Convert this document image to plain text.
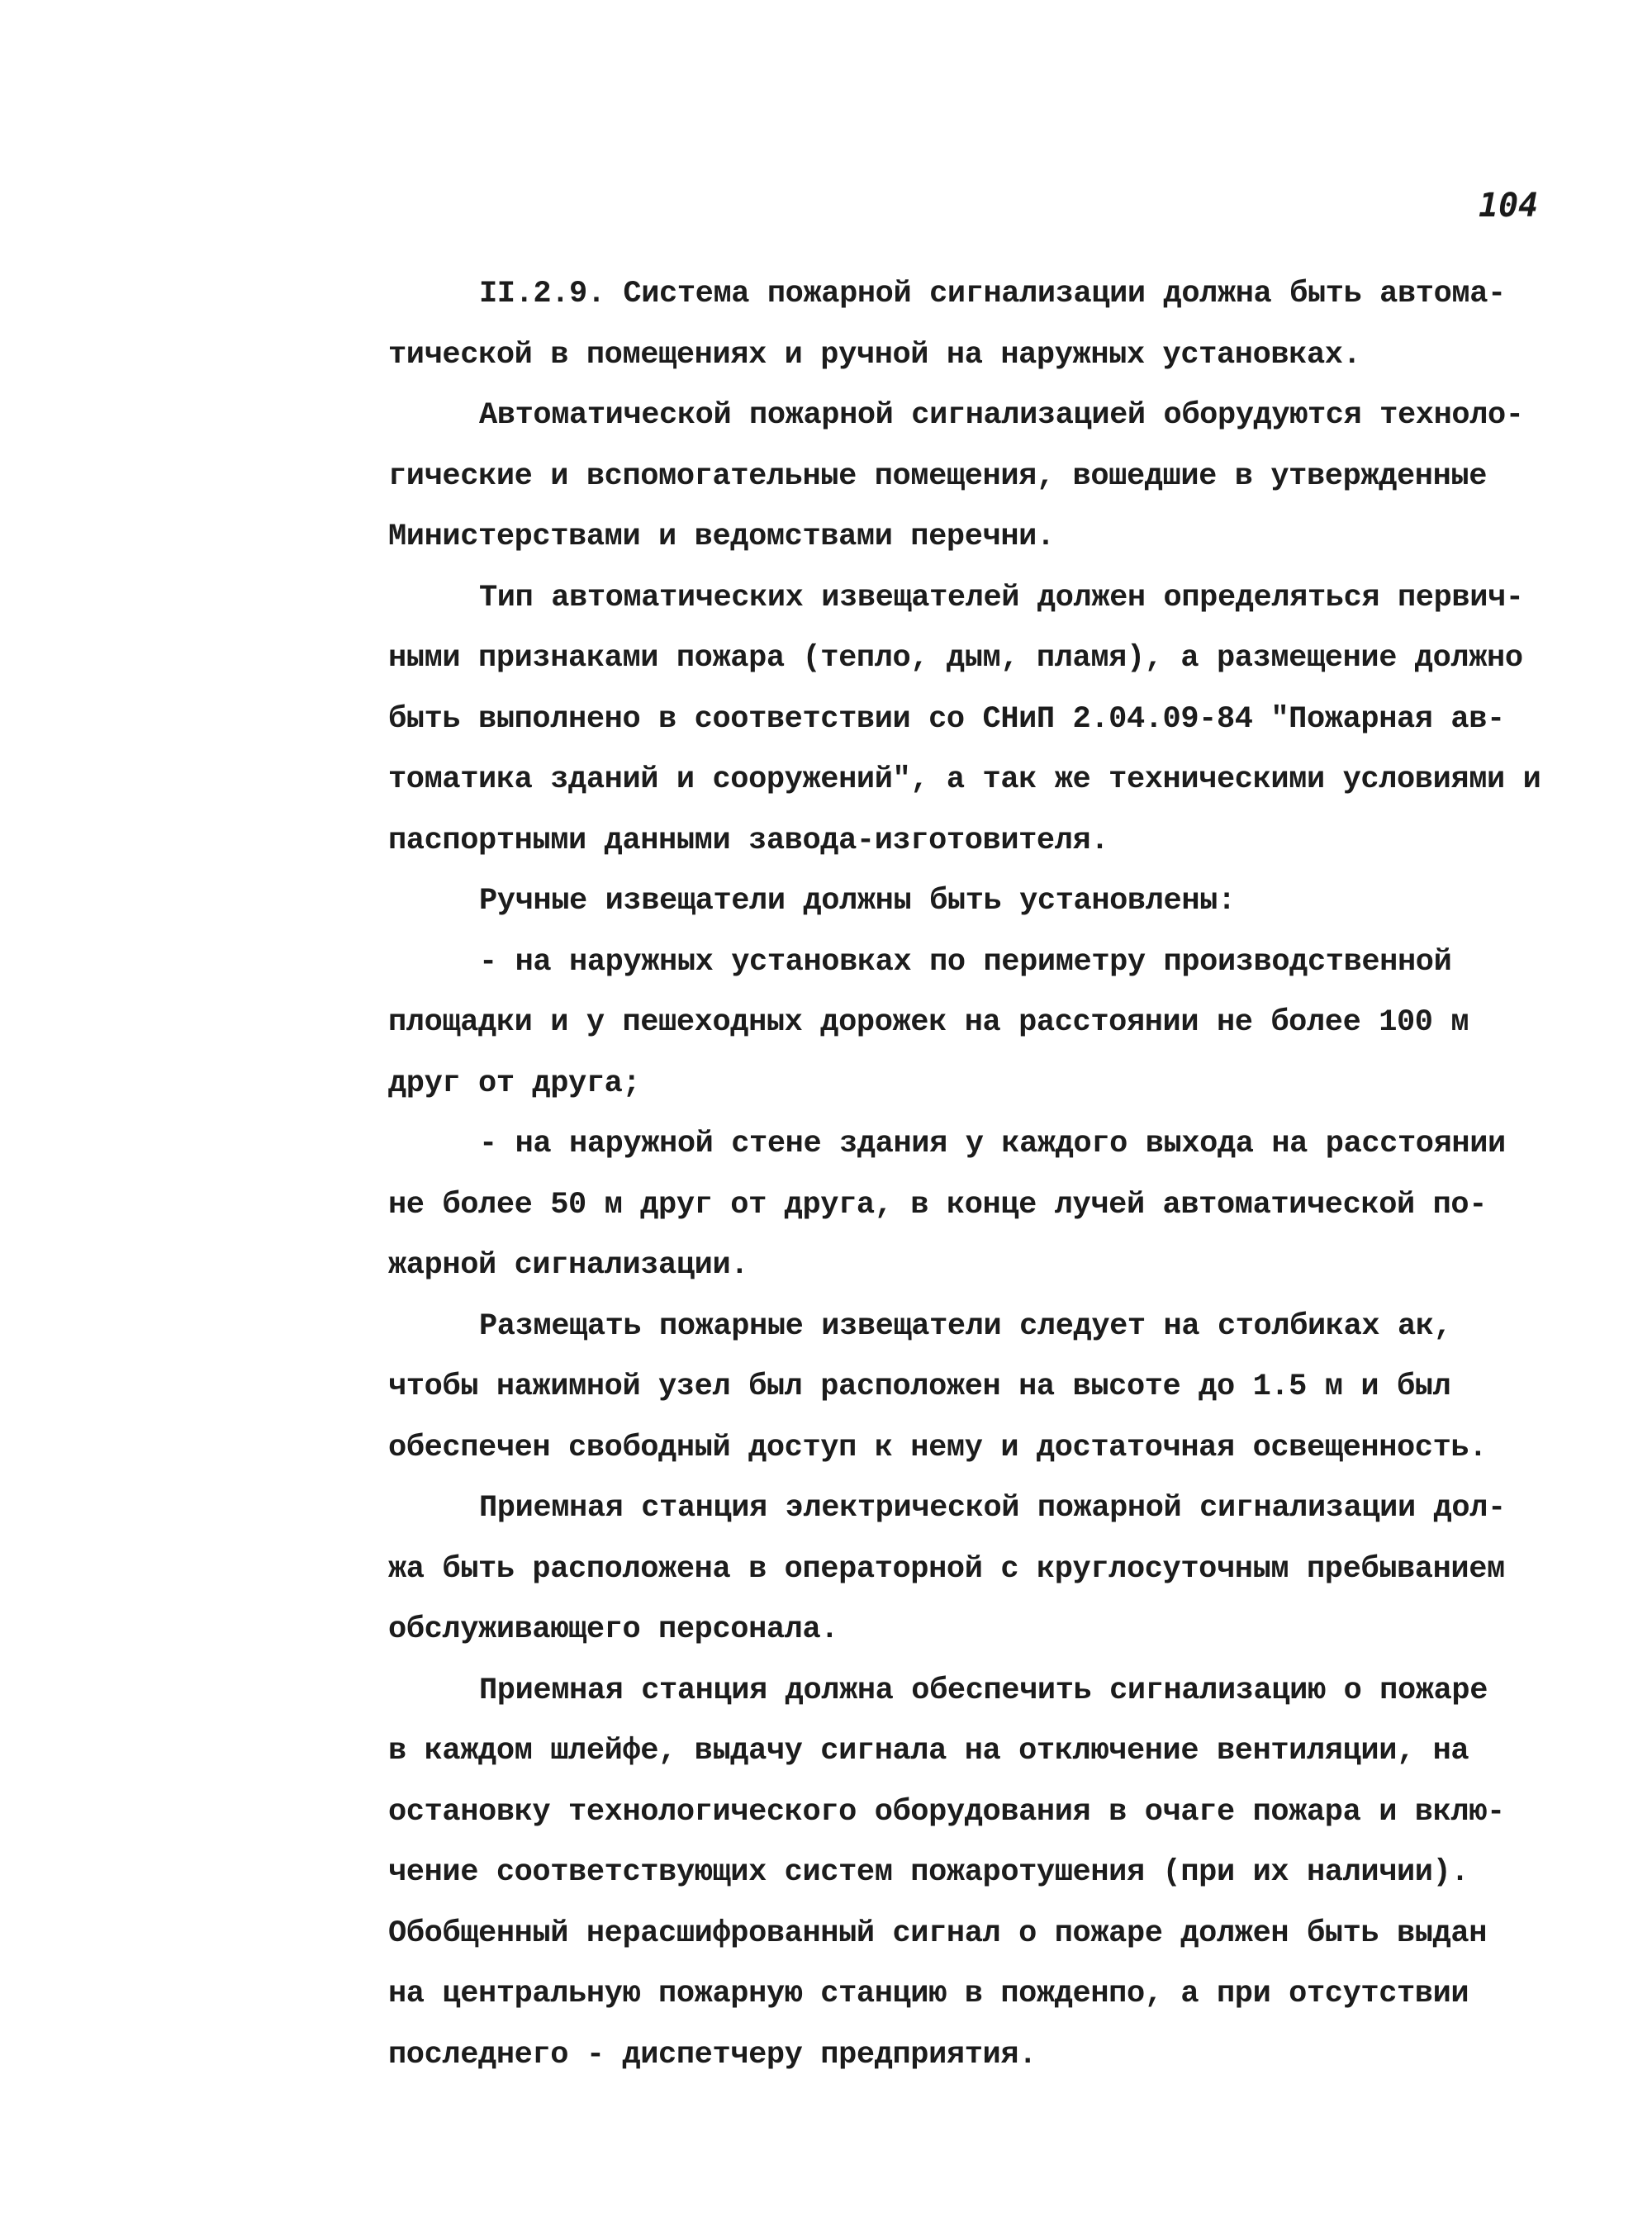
104
II.2.9. Система пожарной сигнализации должна быть автома-
тической в помещениях и ручной на наружных установках.
Автоматической пожарной сигнализацией оборудуются техноло-
гические и вспомогательные помещения, вошедшие в утвержденные
Министерствами и ведомствами перечни.
Тип автоматических извещателей должен определяться первич-
ными признаками пожара (тепло, дым, пламя), а размещение должно
быть выполнено в соответствии со СНиП 2.04.09-84 "Пожарная ав-
томатика зданий и сооружений", а так же техническими условиями и
паспортными данными завода-изготовителя.
Ручные извещатели должны быть установлены:
- на наружных установках по периметру производственной
площадки и у пешеходных дорожек на расстоянии не более 100 м
друг от друга;
- на наружной стене здания у каждого выхода на расстоянии
не более 50 м друг от друга, в конце лучей автоматической по-
жарной сигнализации.
Размещать пожарные извещатели следует на столбиках ак,
чтобы нажимной узел был расположен на высоте до 1.5 м и был
обеспечен свободный доступ к нему и достаточная освещенность.
Приемная станция электрической пожарной сигнализации дол-
жа быть расположена в операторной с круглосуточным пребыванием
обслуживающего персонала.
Приемная станция должна обеспечить сигнализацию о пожаре
в каждом шлейфе, выдачу сигнала на отключение вентиляции, на
остановку технологического оборудования в очаге пожара и вклю-
чение соответствующих систем пожаротушения (при их наличии).
Обобщенный нерасшифрованный сигнал о пожаре должен быть выдан
на центральную пожарную станцию в пожденпо, а при отсутствии
последнего - диспетчеру предприятия.
